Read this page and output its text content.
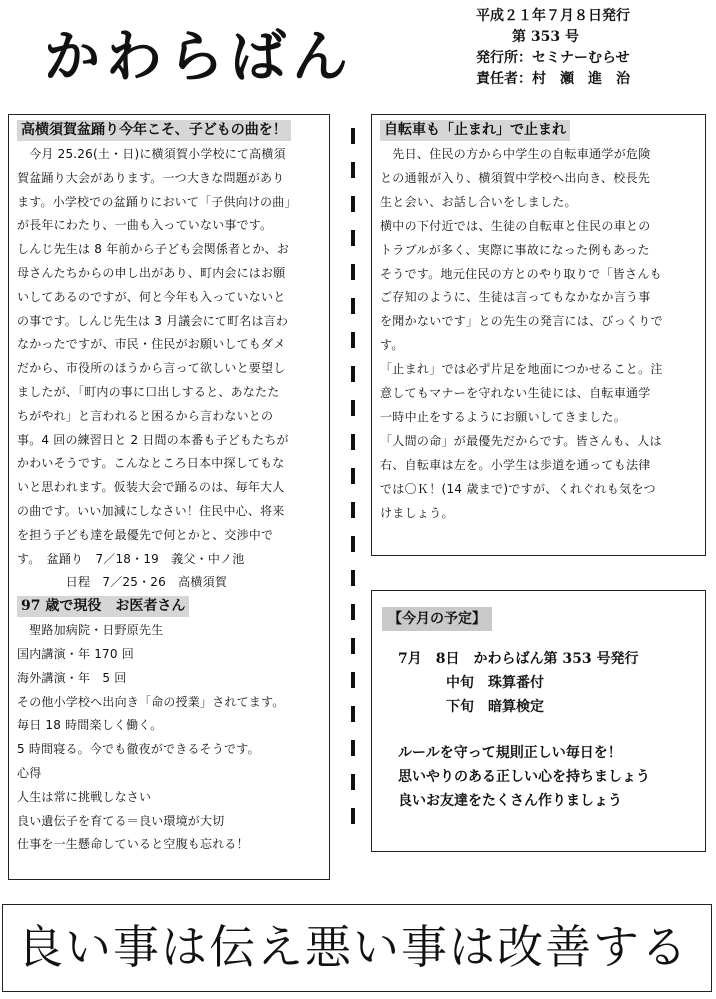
かわらばん
平成２１年７月８日発行
第 353 号
発行所：セミナーむらせ
責任者：村　瀬　進　治
高横須賀盆踊り今年こそ、子どもの曲を！
　今月 25.26(土・日)に横須賀小学校にて高横須
賀盆踊り大会があります。一つ大きな問題があり
ます。小学校での盆踊りにおいて「子供向けの曲」
が長年にわたり、一曲も入っていない事です。
しんじ先生は 8 年前から子ども会関係者とか、お
母さんたちからの申し出があり、町内会にはお願
いしてあるのですが、何と今年も入っていないと
の事です。しんじ先生は 3 月議会にて町名は言わ
なかったですが、市民・住民がお願いしてもダメ
だから、市役所のほうから言って欲しいと要望し
ましたが、「町内の事に口出しすると、あなたた
ちがやれ」と言われると困るから言わないとの
事。4 回の練習日と 2 日間の本番も子どもたちが
かわいそうです。こんなところ日本中探してもな
いと思われます。仮装大会で踊るのは、毎年大人
の曲です。いい加減にしなさい！住民中心、将来
を担う子ども達を最優先で何とかと、交渉中で
す。　盆踊り　7／18・19　義父・中ノ池
　　　　日程　7／25・26　高横須賀
97 歳で現役　お医者さん
　聖路加病院・日野原先生
国内講演・年 170 回
海外講演・年　5 回
その他小学校へ出向き「命の授業」されてます。
毎日 18 時間楽しく働く。
5 時間寝る。今でも徹夜ができるそうです。
心得
人生は常に挑戦しなさい
良い遺伝子を育てる＝良い環境が大切
仕事を一生懸命していると空腹も忘れる！
自転車も「止まれ」で止まれ
　先日、住民の方から中学生の自転車通学が危険
との通報が入り、横須賀中学校へ出向き、校長先
生と会い、お話し合いをしました。
横中の下付近では、生徒の自転車と住民の車との
トラブルが多く、実際に事故になった例もあった
そうです。地元住民の方とのやり取りで「皆さんも
ご存知のように、生徒は言ってもなかなか言う事
を聞かないです」との先生の発言には、びっくりで
す。
「止まれ」では必ず片足を地面につかせること。注
意してもマナーを守れない生徒には、自転車通学
一時中止をするようにお願いしてきました。
「人間の命」が最優先だからです。皆さんも、人は
右、自転車は左を。小学生は歩道を通っても法律
では〇Ｋ！(14 歳まで)ですが、くれぐれも気をつ
けましょう。
【今月の予定】
7月　8日　かわらばん第 353 号発行
中旬　珠算番付
下旬　暗算検定
ルールを守って規則正しい毎日を！
思いやりのある正しい心を持ちましょう
良いお友達をたくさん作りましょう
良い事は伝え悪い事は改善する
